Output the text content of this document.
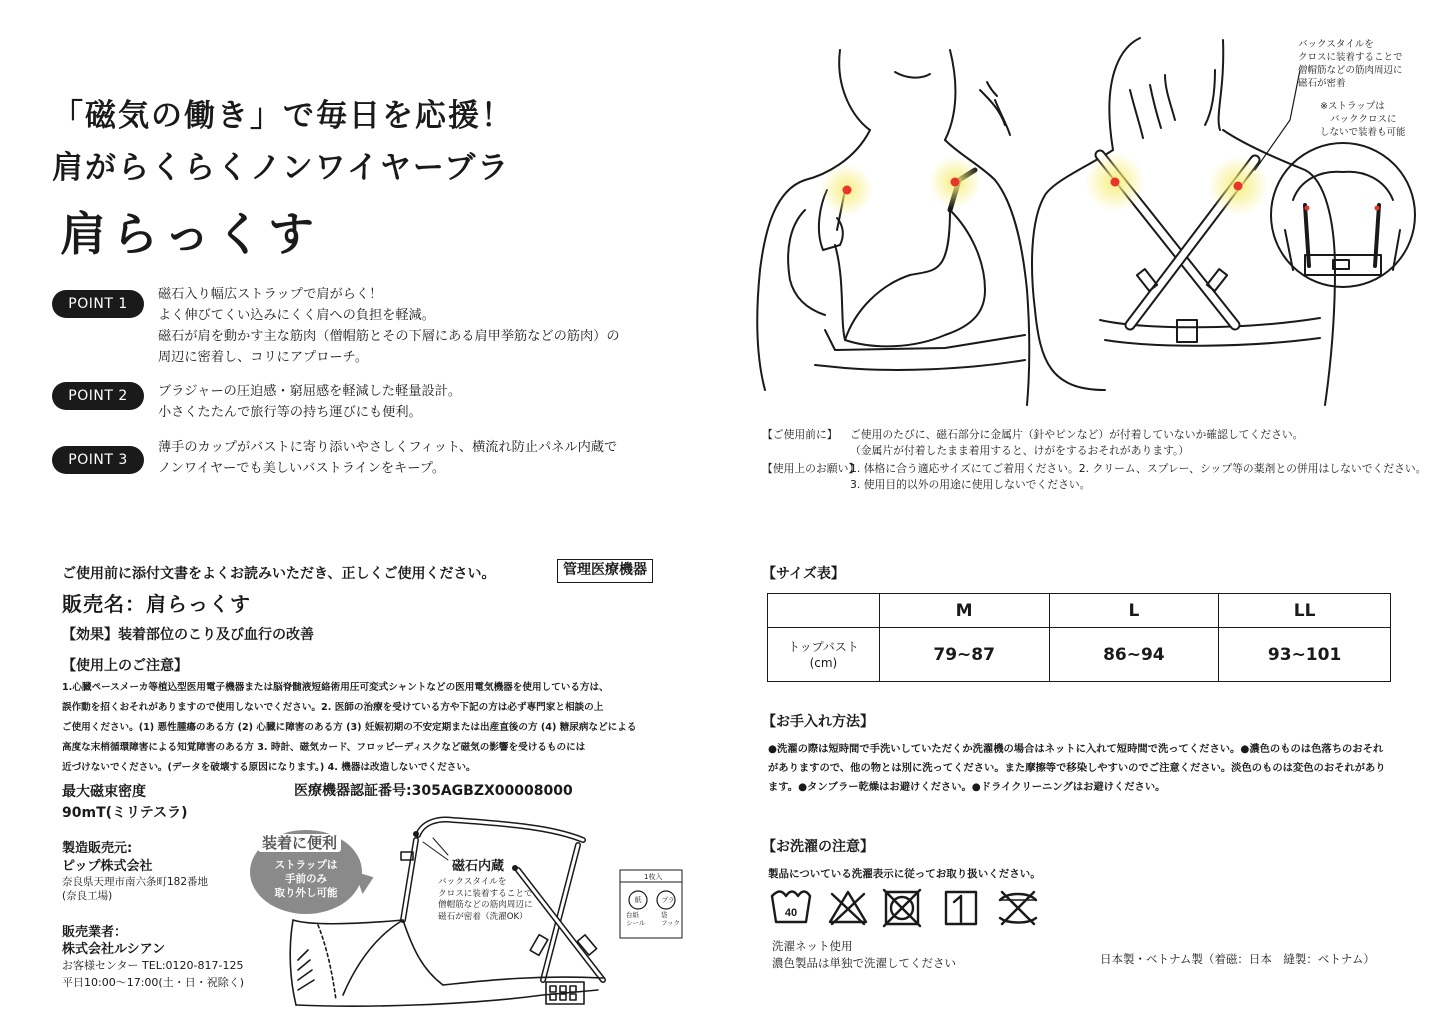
「磁気の働き」で毎日を応援！
肩がらくらくノンワイヤーブラ
肩らっくす
POINT 1
磁石入り幅広ストラップで肩がらく！
よく伸びてくい込みにくく肩への負担を軽減。
磁石が肩を動かす主な筋肉（僧帽筋とその下層にある肩甲挙筋などの筋肉）の
周辺に密着し、コリにアプローチ。
POINT 2	ブラジャーの圧迫感・窮屈感を軽減した軽量設計。
小さくたたんで旅行等の持ち運びにも便利。
POINT 3
薄手のカップがバストに寄り添いやさしくフィット、横流れ防止パネル内蔵で
ノンワイヤーでも美しいバストラインをキープ。
バックスタイルを
クロスに装着することで
僧帽筋などの筋肉周辺に
磁石が密着
※ストラップは
バッククロスに
しないで装着も可能
【ご使用前に】 ご使用のたびに、磁石部分に金属片（針やピンなど）が付着していないか確認してください。
（金属片が付着したまま着用すると、けがをするおそれがあります。）
【使用上のお願い】1. 体格に合う適応サイズにてご着用ください。2. クリーム、スプレー、シップ等の薬剤との併用はしないでください。
3. 使用目的以外の用途に使用しないでください。
ご使用前に添付文書をよくお読みいただき、正しくご使用ください。	管理医療機器
販売名：肩らっくす
【効果】装着部位のこり及び血行の改善
【使用上のご注意】
1.心臓ペースメーカ等植込型医用電子機器または脳脊髄液短絡術用圧可変式シャントなどの医用電気機器を使用している方は、
誤作動を招くおそれがありますので使用しないでください。2. 医師の治療を受けている方や下記の方は必ず専門家と相談の上
ご使用ください。(1) 悪性腫瘍のある方 (2) 心臓に障害のある方 (3) 妊娠初期の不安定期または出産直後の方 (4) 糖尿病などによる
高度な末梢循環障害による知覚障害のある方 3. 時計、磁気カード、フロッピーディスクなど磁気の影響を受けるものには
近づけないでください。(データを破壊する原因になります。) 4. 機器は改造しないでください。
最大磁束密度
90mT(ミリテスラ)
医療機器認証番号:305AGBZX00008000
製造販売元:
ピップ株式会社
奈良県天理市南六条町182番地
(奈良工場)
販売業者：
株式会社ルシアン
お客様センター TEL:0120-817-125
平日10:00～17:00(土・日・祝除く)
装着に便利
ストラップは
手前のみ
取り外し可能
磁石内蔵
バックスタイルを
クロスに装着することで
僧帽筋などの筋肉周辺に
磁石が密着（洗濯OK）
1枚入
紙	プラ
台紙
シール
袋
フック
【サイズ表】
	M	L	LL

トップバスト
(cm)	79~87	86~94	93~101
【お手入れ方法】
●洗濯の際は短時間で手洗いしていただくか洗濯機の場合はネットに入れて短時間で洗ってください。●濃色のものは色落ちのおそれ
がありますので、他の物とは別に洗ってください。また摩擦等で移染しやすいのでご注意ください。淡色のものは変色のおそれがあり
ます。●タンブラー乾燥はお避けください。●ドライクリーニングはお避けください。
【お洗濯の注意】
製品についている洗濯表示に従ってお取り扱いください。
40
洗濯ネット使用
濃色製品は単独で洗濯してください	日本製・ベトナム製（着磁：日本　縫製：ベトナム）
